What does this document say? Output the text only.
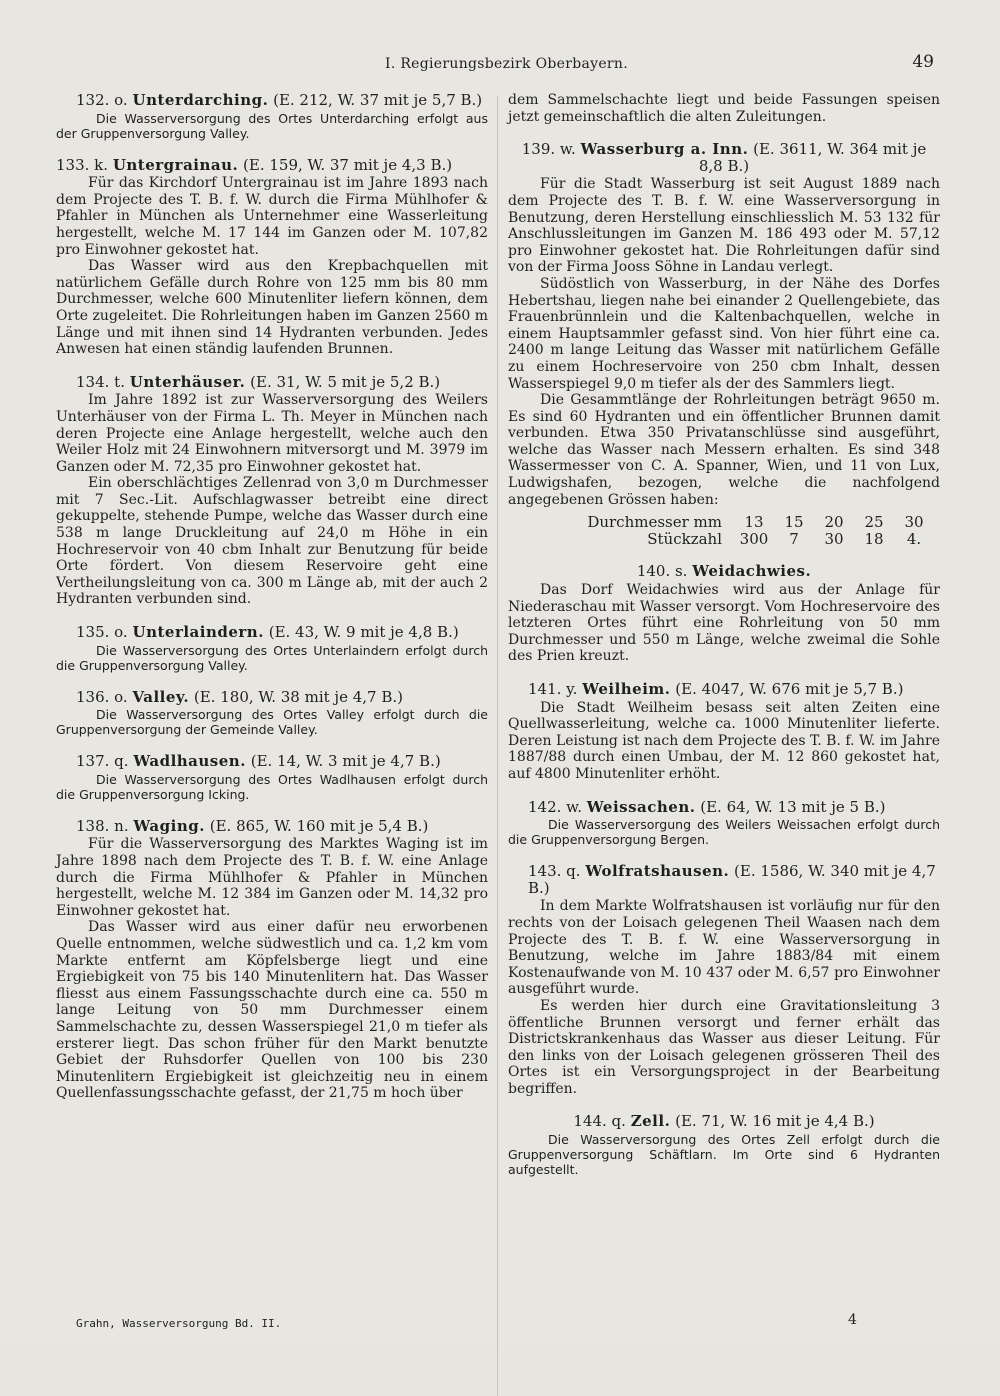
I. Regierungsbezirk Oberbayern.	49
132. o. Unterdarching. (E. 212, W. 37 mit je 5,7 B.)

Die Wasserversorgung des Ortes Unterdarching erfolgt aus der Gruppenversorgung Valley.

133. k. Untergrainau. (E. 159, W. 37 mit je 4,3 B.)

Für das Kirchdorf Untergrainau ist im Jahre 1893 nach dem Projecte des T. B. f. W. durch die Firma Mühlhofer & Pfahler in München als Unternehmer eine Wasserleitung hergestellt, welche M. 17 144 im Ganzen oder M. 107,82 pro Einwohner gekostet hat.

Das Wasser wird aus den Krepbachquellen mit natürlichem Gefälle durch Rohre von 125 mm bis 80 mm Durchmesser, welche 600 Minutenliter liefern können, dem Orte zugeleitet. Die Rohrleitungen haben im Ganzen 2560 m Länge und mit ihnen sind 14 Hydranten verbunden. Jedes Anwesen hat einen ständig laufenden Brunnen.

134. t. Unterhäuser. (E. 31, W. 5 mit je 5,2 B.)

Im Jahre 1892 ist zur Wasserversorgung des Weilers Unterhäuser von der Firma L. Th. Meyer in München nach deren Projecte eine Anlage hergestellt, welche auch den Weiler Holz mit 24 Einwohnern mitversorgt und M. 3979 im Ganzen oder M. 72,35 pro Einwohner gekostet hat.

Ein oberschlächtiges Zellenrad von 3,0 m Durchmesser mit 7 Sec.-Lit. Aufschlagwasser betreibt eine direct gekuppelte, stehende Pumpe, welche das Wasser durch eine 538 m lange Druckleitung auf 24,0 m Höhe in ein Hochreservoir von 40 cbm Inhalt zur Benutzung für beide Orte fördert. Von diesem Reservoire geht eine Vertheilungsleitung von ca. 300 m Länge ab, mit der auch 2 Hydranten verbunden sind.

135. o. Unterlaindern. (E. 43, W. 9 mit je 4,8 B.)

Die Wasserversorgung des Ortes Unterlaindern erfolgt durch die Gruppenversorgung Valley.

136. o. Valley. (E. 180, W. 38 mit je 4,7 B.)

Die Wasserversorgung des Ortes Valley erfolgt durch die Gruppenversorgung der Gemeinde Valley.

137. q. Wadlhausen. (E. 14, W. 3 mit je 4,7 B.)

Die Wasserversorgung des Ortes Wadlhausen erfolgt durch die Gruppenversorgung Icking.

138. n. Waging. (E. 865, W. 160 mit je 5,4 B.)

Für die Wasserversorgung des Marktes Waging ist im Jahre 1898 nach dem Projecte des T. B. f. W. eine Anlage durch die Firma Mühlhofer & Pfahler in München hergestellt, welche M. 12 384 im Ganzen oder M. 14,32 pro Einwohner gekostet hat.

Das Wasser wird aus einer dafür neu erworbenen Quelle entnommen, welche südwestlich und ca. 1,2 km vom Markte entfernt am Köpfelsberge liegt und eine Ergiebigkeit von 75 bis 140 Minutenlitern hat. Das Wasser fliesst aus einem Fassungsschachte durch eine ca. 550 m lange Leitung von 50 mm Durchmesser einem Sammelschachte zu, dessen Wasserspiegel 21,0 m tiefer als ersterer liegt. Das schon früher für den Markt benutzte Gebiet der Ruhsdorfer Quellen von 100 bis 230 Minutenlitern Ergiebigkeit ist gleichzeitig neu in einem Quellenfassungsschachte gefasst, der 21,75 m hoch über

dem Sammelschachte liegt und beide Fassungen speisen jetzt gemeinschaftlich die alten Zuleitungen.

139. w. Wasserburg a. Inn. (E. 3611, W. 364 mit je 8,8 B.)

Für die Stadt Wasserburg ist seit August 1889 nach dem Projecte des T. B. f. W. eine Wasserversorgung in Benutzung, deren Herstellung einschliesslich M. 53 132 für Anschlussleitungen im Ganzen M. 186 493 oder M. 57,12 pro Einwohner gekostet hat. Die Rohrleitungen dafür sind von der Firma Jooss Söhne in Landau verlegt.

Südöstlich von Wasserburg, in der Nähe des Dorfes Hebertshau, liegen nahe bei einander 2 Quellengebiete, das Frauenbrünnlein und die Kaltenbachquellen, welche in einem Hauptsammler gefasst sind. Von hier führt eine ca. 2400 m lange Leitung das Wasser mit natürlichem Gefälle zu einem Hochreservoire von 250 cbm Inhalt, dessen Wasserspiegel 9,0 m tiefer als der des Sammlers liegt.

Die Gesammtlänge der Rohrleitungen beträgt 9650 m. Es sind 60 Hydranten und ein öffentlicher Brunnen damit verbunden. Etwa 350 Privatanschlüsse sind ausgeführt, welche das Wasser nach Messern erhalten. Es sind 348 Wassermesser von C. A. Spanner, Wien, und 11 von Lux, Ludwigshafen, bezogen, welche die nachfolgend angegebenen Grössen haben:

Durchmesser mm	13	15	20	25	30
Stückzahl	300	7	30	18	4.
140. s. Weidachwies.

Das Dorf Weidachwies wird aus der Anlage für Niederaschau mit Wasser versorgt. Vom Hochreservoire des letzteren Ortes führt eine Rohrleitung von 50 mm Durchmesser und 550 m Länge, welche zweimal die Sohle des Prien kreuzt.

141. y. Weilheim. (E. 4047, W. 676 mit je 5,7 B.)

Die Stadt Weilheim besass seit alten Zeiten eine Quellwasserleitung, welche ca. 1000 Minutenliter lieferte. Deren Leistung ist nach dem Projecte des T. B. f. W. im Jahre 1887/88 durch einen Umbau, der M. 12 860 gekostet hat, auf 4800 Minutenliter erhöht.

142. w. Weissachen. (E. 64, W. 13 mit je 5 B.)

Die Wasserversorgung des Weilers Weissachen erfolgt durch die Gruppenversorgung Bergen.

143. q. Wolfratshausen. (E. 1586, W. 340 mit je 4,7 B.)

In dem Markte Wolfratshausen ist vorläufig nur für den rechts von der Loisach gelegenen Theil Waasen nach dem Projecte des T. B. f. W. eine Wasserversorgung in Benutzung, welche im Jahre 1883/84 mit einem Kostenaufwande von M. 10 437 oder M. 6,57 pro Einwohner ausgeführt wurde.

Es werden hier durch eine Gravitationsleitung 3 öffentliche Brunnen versorgt und ferner erhält das Districtskrankenhaus das Wasser aus dieser Leitung. Für den links von der Loisach gelegenen grösseren Theil des Ortes ist ein Versorgungsproject in der Bearbeitung begriffen.

144. q. Zell. (E. 71, W. 16 mit je 4,4 B.)

Die Wasserversorgung des Ortes Zell erfolgt durch die Gruppenversorgung Schäftlarn. Im Orte sind 6 Hydranten aufgestellt.

Grahn, Wasserversorgung Bd. II.	4
